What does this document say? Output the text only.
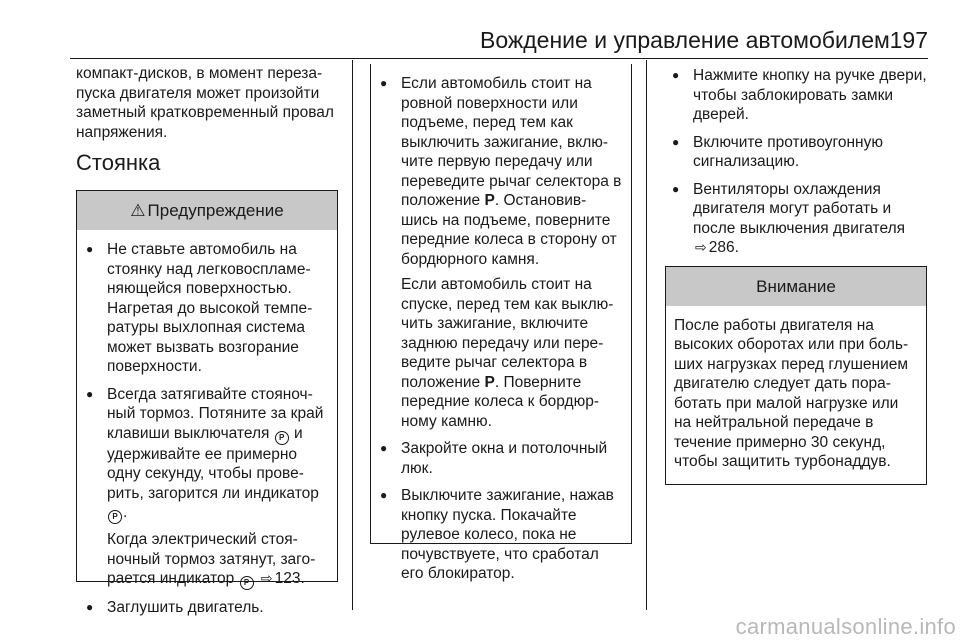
Вождение и управление автомобилем 197

компакт-дисков, в момент переза-пуска двигателя может произойти заметный кратковременный провал напряжения.

Стоянка
⚠ Предупреждение
● Не ставьте автомобиль на стоянку над легковоспламе-няющейся поверхностью. Нагретая до высокой темпе-ратуры выхлопная система может вызвать возгорание поверхности.
● Всегда затягивайте стояноч-ный тормоз. Потяните за край клавиши выключателя P и удерживайте ее примерно одну секунду, чтобы прове-рить, загорится ли индикатор P .
Когда электрический стоя-ночный тормоз затянут, заго-рается индикатор P ⇨ 123.
● Заглушить двигатель.
● Если автомобиль стоит на ровной поверхности или подъеме, перед тем как выключить зажигание, вклю-чите первую передачу или переведите рычаг селектора в положение P. Остановив-шись на подъеме, поверните передние колеса в сторону от бордюрного камня.
Если автомобиль стоит на спуске, перед тем как выклю-чить зажигание, включите заднюю передачу или пере-ведите рычаг селектора в положение P. Поверните передние колеса к бордюр-ному камню.
● Закройте окна и потолочный люк.
● Выключите зажигание, нажав кнопку пуска. Покачайте рулевое колесо, пока не почувствуете, что сработал его блокиратор.
● Нажмите кнопку на ручке двери, чтобы заблокировать замки дверей.
● Включите противоугонную сигнализацию.
● Вентиляторы охлаждения двигателя могут работать и после выключения двигателя ⇨ 286.
Внимание
После работы двигателя на высоких оборотах или при боль-ших нагрузках перед глушением двигателю следует дать пора-ботать при малой нагрузке или на нейтральной передаче в течение примерно 30 секунд, чтобы защитить турбонаддув.
carmanualsonline.info
